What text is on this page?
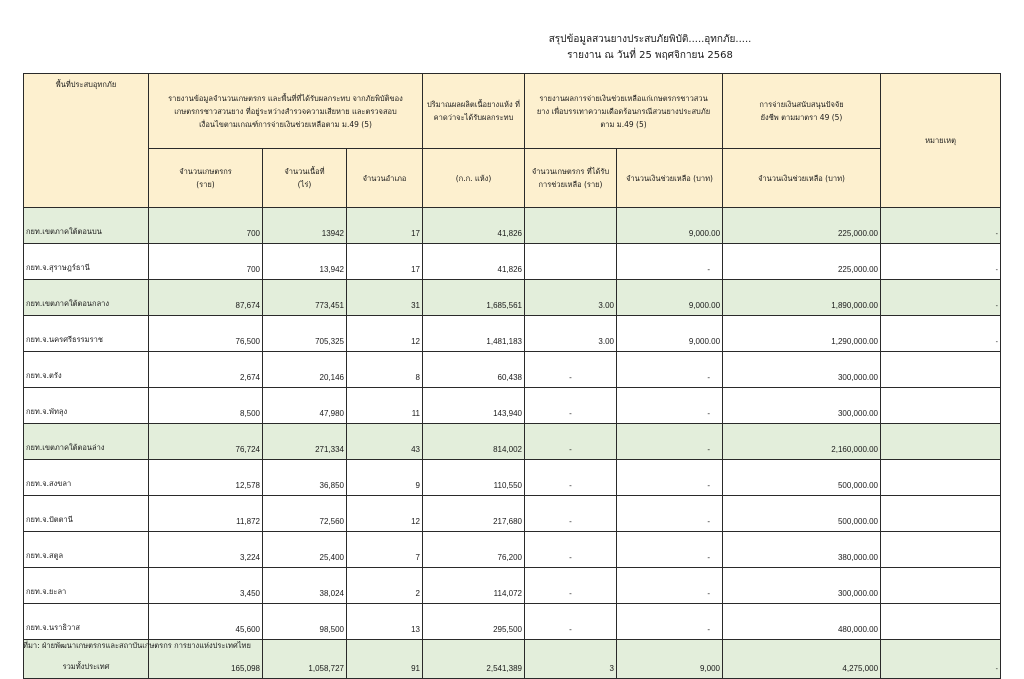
สรุปข้อมูลสวนยางประสบภัยพิบัติ.....อุทกภัย.....
รายงาน ณ วันที่ 25 พฤศจิกายน 2568
พื้นที่ประสบอุทกภัย	รายงานข้อมูลจำนวนเกษตรกร และพื้นที่ที่ได้รับผลกระทบ จากภัยพิบัติของเกษตรกรชาวสวนยาง ที่อยู่ระหว่างสำรวจความเสียหาย และตรวจสอบเงื่อนไขตามเกณฑ์การจ่ายเงินช่วยเหลือตาม ม.49 (5)			ปริมาณผลผลิตเนื้อยางแห้ง ที่คาดว่าจะได้รับผลกระทบ	รายงานผลการจ่ายเงินช่วยเหลือแก่เกษตรกรชาวสวนยาง เพื่อบรรเทาความเดือดร้อนกรณีสวนยางประสบภัย ตาม ม.49 (5)		การจ่ายเงินสนับสนุนปัจจัยยังชีพ ตามมาตรา 49 (5)	หมายเหตุ
	จำนวนเกษตรกร (ราย)	จำนวนเนื้อที่ (ไร่)	จำนวนอำเภอ	(ก.ก. แห้ง)	จำนวนเกษตรกร ที่ได้รับการช่วยเหลือ (ราย)	จำนวนเงินช่วยเหลือ (บาท)	จำนวนเงินช่วยเหลือ (บาท)	
กยท.เขตภาคใต้ตอนบน	700	13942	17	41,826		9,000.00	225,000.00	-
กยท.จ.สุราษฎร์ธานี	700	13,942	17	41,826		-	225,000.00	-
กยท.เขตภาคใต้ตอนกลาง	87,674	773,451	31	1,685,561	3.00	9,000.00	1,890,000.00	-
กยท.จ.นครศรีธรรมราช	76,500	705,325	12	1,481,183	3.00	9,000.00	1,290,000.00	-
กยท.จ.ตรัง	2,674	20,146	8	60,438	-	-	300,000.00	
กยท.จ.พัทลุง	8,500	47,980	11	143,940	-	-	300,000.00	
กยท.เขตภาคใต้ตอนล่าง	76,724	271,334	43	814,002	-	-	2,160,000.00	
กยท.จ.สงขลา	12,578	36,850	9	110,550	-	-	500,000.00	
กยท.จ.ปัตตานี	11,872	72,560	12	217,680	-	-	500,000.00	
กยท.จ.สตูล	3,224	25,400	7	76,200	-	-	380,000.00	
กยท.จ.ยะลา	3,450	38,024	2	114,072	-	-	300,000.00	
กยท.จ.นราธิวาส	45,600	98,500	13	295,500	-	-	480,000.00	
รวมทั้งประเทศ	165,098	1,058,727	91	2,541,389	3	9,000	4,275,000	-
ที่มา: ฝ่ายพัฒนาเกษตรกรและสถาบันเกษตรกร การยางแห่งประเทศไทย
